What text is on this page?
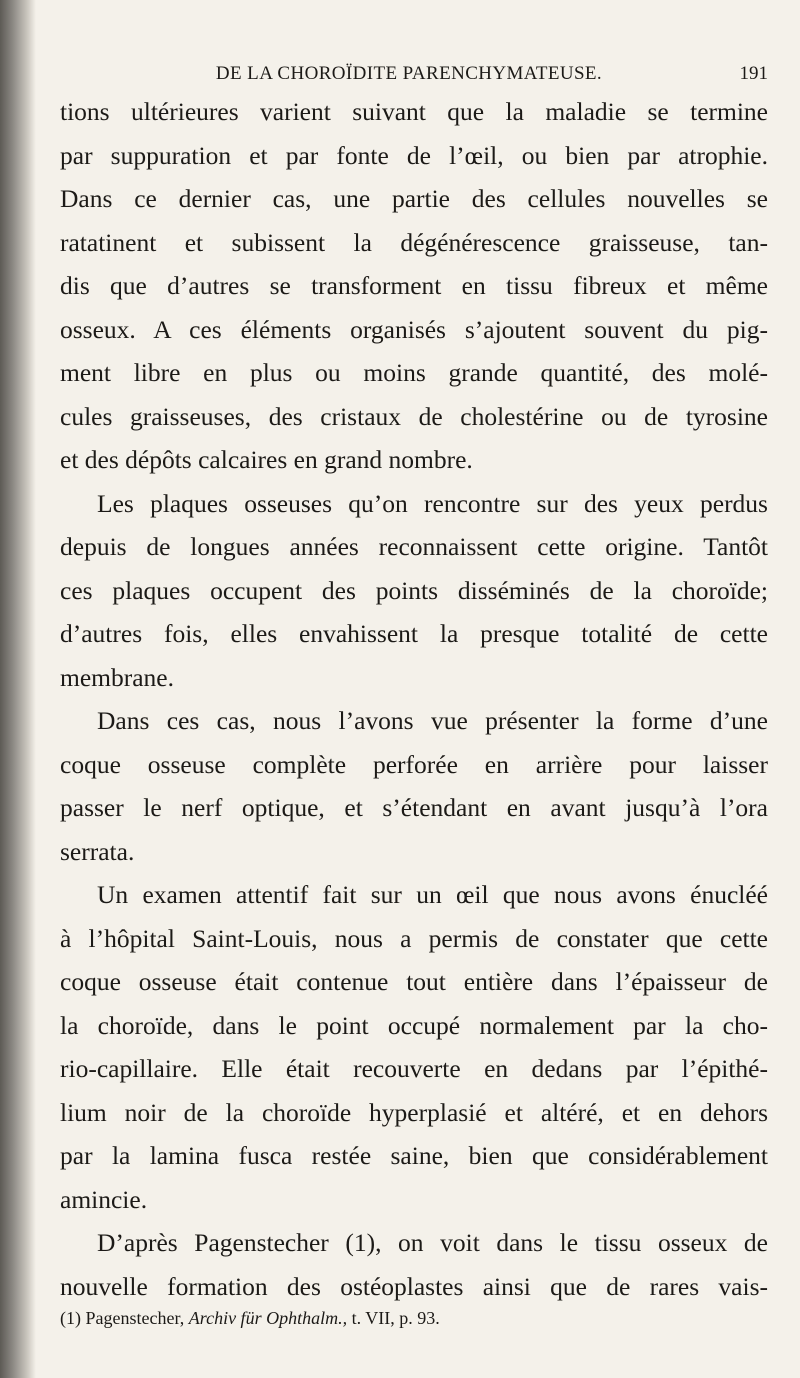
DE LA CHOROÏDITE PARENCHYMATEUSE.	191
tions ultérieures varient suivant que la maladie se termine
par suppuration et par fonte de l’œil, ou bien par atrophie.
Dans ce dernier cas, une partie des cellules nouvelles se
ratatinent et subissent la dégénérescence graisseuse, tan-
dis que d’autres se transforment en tissu fibreux et même
osseux. A ces éléments organisés s’ajoutent souvent du pig-
ment libre en plus ou moins grande quantité, des molé-
cules graisseuses, des cristaux de cholestérine ou de tyrosine
et des dépôts calcaires en grand nombre.
Les plaques osseuses qu’on rencontre sur des yeux perdus
depuis de longues années reconnaissent cette origine. Tantôt
ces plaques occupent des points disséminés de la choroïde;
d’autres fois, elles envahissent la presque totalité de cette
membrane.
Dans ces cas, nous l’avons vue présenter la forme d’une
coque osseuse complète perforée en arrière pour laisser
passer le nerf optique, et s’étendant en avant jusqu’à l’ora
serrata.
Un examen attentif fait sur un œil que nous avons énucléé
à l’hôpital Saint-Louis, nous a permis de constater que cette
coque osseuse était contenue tout entière dans l’épaisseur de
la choroïde, dans le point occupé normalement par la cho-
rio-capillaire. Elle était recouverte en dedans par l’épithé-
lium noir de la choroïde hyperplasié et altéré, et en dehors
par la lamina fusca restée saine, bien que considérablement
amincie.
D’après Pagenstecher (1), on voit dans le tissu osseux de
nouvelle formation des ostéoplastes ainsi que de rares vais-
(1) Pagenstecher, Archiv für Ophthalm., t. VII, p. 93.
